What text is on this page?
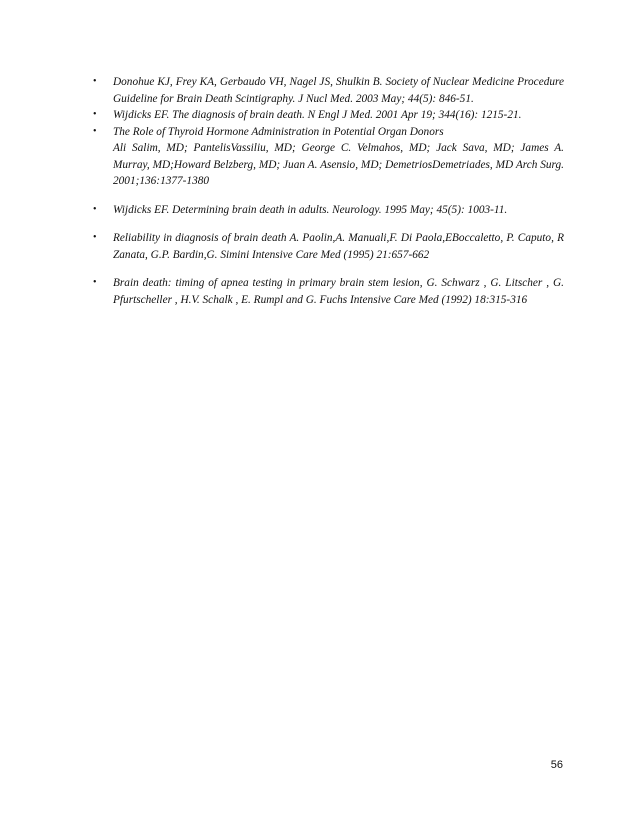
• Donohue KJ, Frey KA, Gerbaudo VH, Nagel JS, Shulkin B. Society of Nuclear Medicine Procedure Guideline for Brain Death Scintigraphy. J Nucl Med. 2003 May; 44(5): 846-51.
• Wijdicks EF. The diagnosis of brain death. N Engl J Med. 2001 Apr 19; 344(16): 1215-21.
• The Role of Thyroid Hormone Administration in Potential Organ Donors
Ali Salim, MD; PantelisVassiliu, MD; George C. Velmahos, MD; Jack Sava, MD; James A. Murray, MD;Howard Belzberg, MD; Juan A. Asensio, MD; DemetriosDemetriades, MD Arch Surg. 2001;136:1377-1380
• Wijdicks EF. Determining brain death in adults. Neurology. 1995 May; 45(5): 1003-11.
• Reliability in diagnosis of brain death A. Paolin,A. Manuali,F. Di Paola,EBoccaletto, P. Caputo, R Zanata, G.P. Bardin,G. Simini Intensive Care Med (1995) 21:657-662
• Brain death: timing of apnea testing in primary brain stem lesion, G. Schwarz , G. Litscher , G. Pfurtscheller , H.V. Schalk , E. Rumpl and G. Fuchs Intensive Care Med (1992) 18:315-316
56
